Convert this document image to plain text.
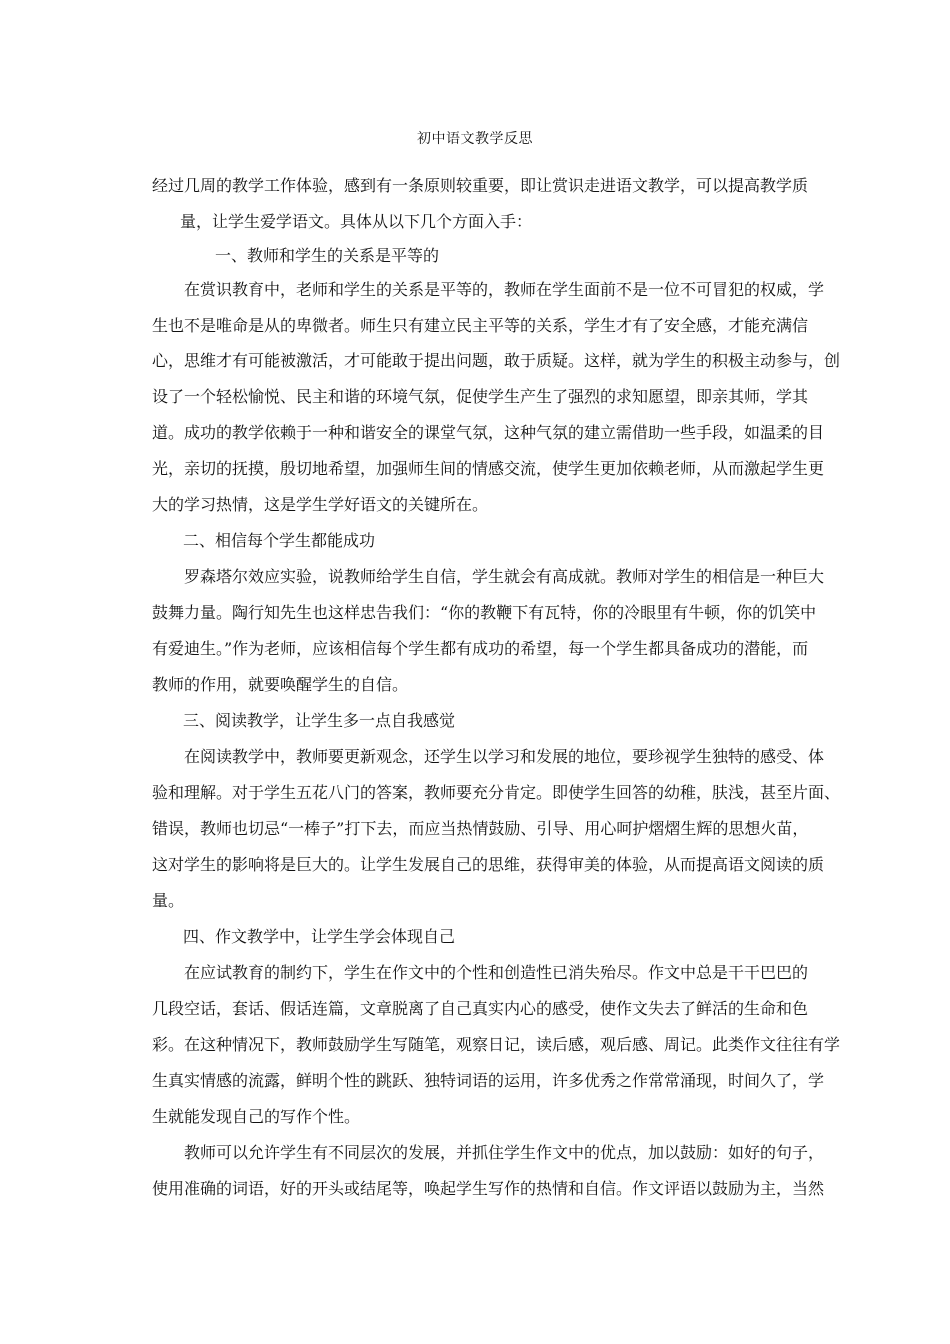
初中语文教学反思
经过几周的教学工作体验，感到有一条原则较重要，即让赏识走进语文教学，可以提高教学质
量，让学生爱学语文。具体从以下几个方面入手：
一、教师和学生的关系是平等的
在赏识教育中，老师和学生的关系是平等的，教师在学生面前不是一位不可冒犯的权威，学
生也不是唯命是从的卑微者。师生只有建立民主平等的关系，学生才有了安全感，才能充满信
心，思维才有可能被激活，才可能敢于提出问题，敢于质疑。这样，就为学生的积极主动参与，创
设了一个轻松愉悦、民主和谐的环境气氛，促使学生产生了强烈的求知愿望，即亲其师，学其
道。成功的教学依赖于一种和谐安全的课堂气氛，这种气氛的建立需借助一些手段，如温柔的目
光，亲切的抚摸，殷切地希望，加强师生间的情感交流，使学生更加依赖老师，从而激起学生更
大的学习热情，这是学生学好语文的关键所在。
二、相信每个学生都能成功
罗森塔尔效应实验，说教师给学生自信，学生就会有高成就。教师对学生的相信是一种巨大
鼓舞力量。陶行知先生也这样忠告我们：“你的教鞭下有瓦特，你的冷眼里有牛顿，你的饥笑中
有爱迪生。”作为老师，应该相信每个学生都有成功的希望，每一个学生都具备成功的潜能，而
教师的作用，就要唤醒学生的自信。
三、阅读教学，让学生多一点自我感觉
在阅读教学中，教师要更新观念，还学生以学习和发展的地位，要珍视学生独特的感受、体
验和理解。对于学生五花八门的答案，教师要充分肯定。即使学生回答的幼稚，肤浅，甚至片面、
错误，教师也切忌“一棒子”打下去，而应当热情鼓励、引导、用心呵护熠熠生辉的思想火苗，
这对学生的影响将是巨大的。让学生发展自己的思维，获得审美的体验，从而提高语文阅读的质
量。
四、作文教学中，让学生学会体现自己
在应试教育的制约下，学生在作文中的个性和创造性已消失殆尽。作文中总是干干巴巴的
几段空话，套话、假话连篇，文章脱离了自己真实内心的感受，使作文失去了鲜活的生命和色
彩。在这种情况下，教师鼓励学生写随笔，观察日记，读后感，观后感、周记。此类作文往往有学
生真实情感的流露，鲜明个性的跳跃、独特词语的运用，许多优秀之作常常涌现，时间久了，学
生就能发现自己的写作个性。
教师可以允许学生有不同层次的发展，并抓住学生作文中的优点，加以鼓励：如好的句子，
使用准确的词语，好的开头或结尾等，唤起学生写作的热情和自信。作文评语以鼓励为主，当然
